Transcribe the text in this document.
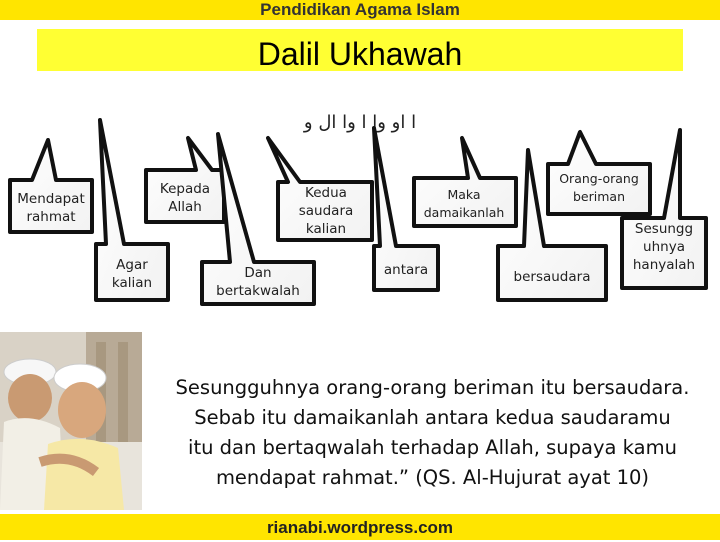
Pendidikan Agama Islam
Dalil Ukhawah
ا او وا ا وا ال و
Mendapat rahmat
Agar kalian
Kepada Allah
Dan bertakwalah
Kedua saudara kalian
antara
Maka damaikanlah
bersaudara
Orang-orang beriman
Sesungg uhnya hanyalah
Sesungguhnya orang-orang beriman itu bersaudara.
Sebab itu damaikanlah antara kedua saudaramu
itu dan bertaqwalah terhadap Allah, supaya kamu
mendapat rahmat.” (QS. Al-Hujurat ayat 10)
rianabi.wordpress.com
